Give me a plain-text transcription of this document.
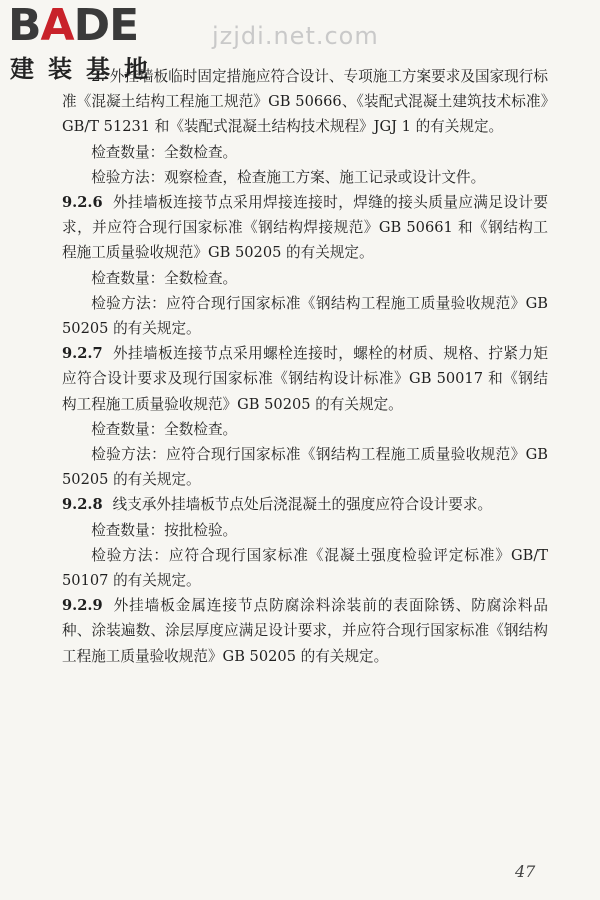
BADE
建装基地
jzjdi.net.com

2. 外挂墙板临时固定措施应符合设计、专项施工方案要求及国家现行标准《混凝土结构工程施工规范》GB 50666、《装配式混凝土建筑技术标准》GB/T 51231 和《装配式混凝土结构技术规程》JGJ 1 的有关规定。

检查数量：全数检查。

检验方法：观察检查，检查施工方案、施工记录或设计文件。

9.2.6 外挂墙板连接节点采用焊接连接时，焊缝的接头质量应满足设计要求，并应符合现行国家标准《钢结构焊接规范》GB 50661 和《钢结构工程施工质量验收规范》GB 50205 的有关规定。

检查数量：全数检查。

检验方法：应符合现行国家标准《钢结构工程施工质量验收规范》GB 50205 的有关规定。

9.2.7 外挂墙板连接节点采用螺栓连接时，螺栓的材质、规格、拧紧力矩应符合设计要求及现行国家标准《钢结构设计标准》GB 50017 和《钢结构工程施工质量验收规范》GB 50205 的有关规定。

检查数量：全数检查。

检验方法：应符合现行国家标准《钢结构工程施工质量验收规范》GB 50205 的有关规定。

9.2.8 线支承外挂墙板节点处后浇混凝土的强度应符合设计要求。

检查数量：按批检验。

检验方法：应符合现行国家标准《混凝土强度检验评定标准》GB/T 50107 的有关规定。

9.2.9 外挂墙板金属连接节点防腐涂料涂装前的表面除锈、防腐涂料品种、涂装遍数、涂层厚度应满足设计要求，并应符合现行国家标准《钢结构工程施工质量验收规范》GB 50205 的有关规定。

47
